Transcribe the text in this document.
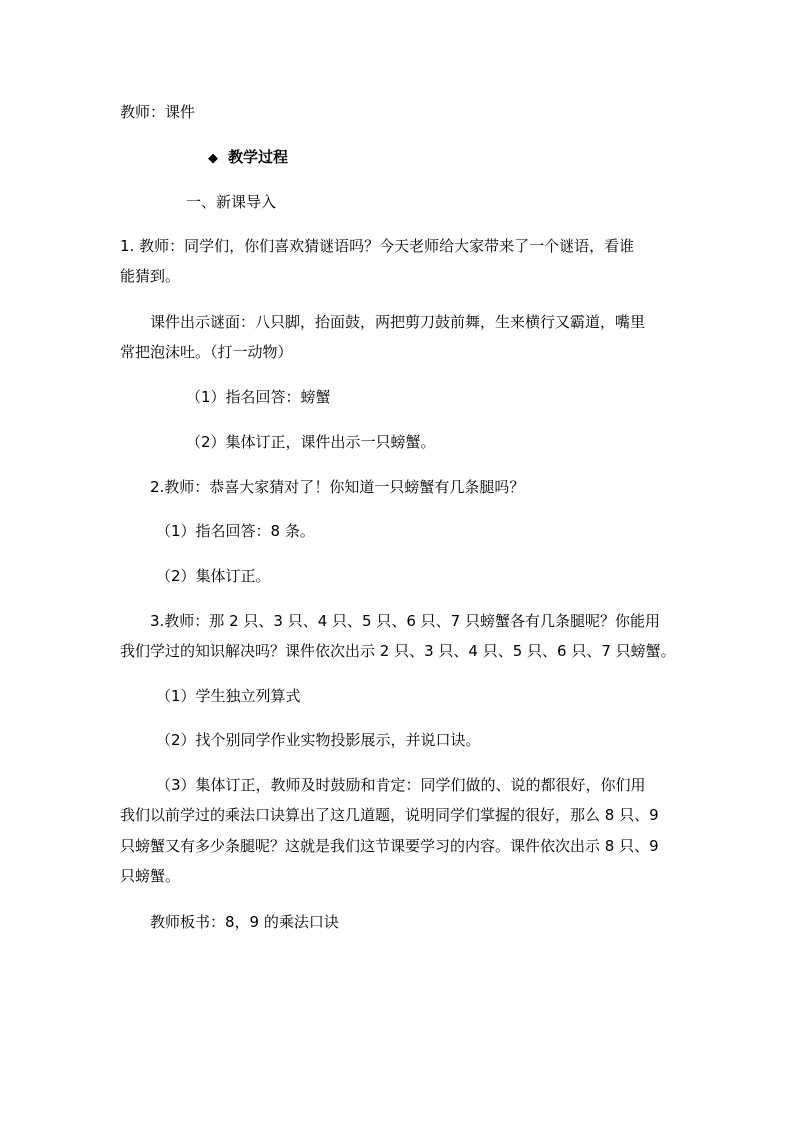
教师：课件
◆ 教学过程
一、新课导入
1. 教师：同学们，你们喜欢猜谜语吗？今天老师给大家带来了一个谜语，看谁
能猜到。
课件出示谜面：八只脚，抬面鼓，两把剪刀鼓前舞，生来横行又霸道，嘴里
常把泡沫吐。（打一动物）
（1）指名回答：螃蟹
（2）集体订正，课件出示一只螃蟹。
2.教师：恭喜大家猜对了！你知道一只螃蟹有几条腿吗？
（1）指名回答：8 条。
（2）集体订正。
3.教师：那 2 只、3 只、4 只、5 只、6 只、7 只螃蟹各有几条腿呢？你能用
我们学过的知识解决吗？课件依次出示 2 只、3 只、4 只、5 只、6 只、7 只螃蟹。
（1）学生独立列算式
（2）找个别同学作业实物投影展示，并说口诀。
（3）集体订正，教师及时鼓励和肯定：同学们做的、说的都很好，你们用
我们以前学过的乘法口诀算出了这几道题，说明同学们掌握的很好，那么 8 只、9
只螃蟹又有多少条腿呢？这就是我们这节课要学习的内容。课件依次出示 8 只、9
只螃蟹。
教师板书：8，9 的乘法口诀
